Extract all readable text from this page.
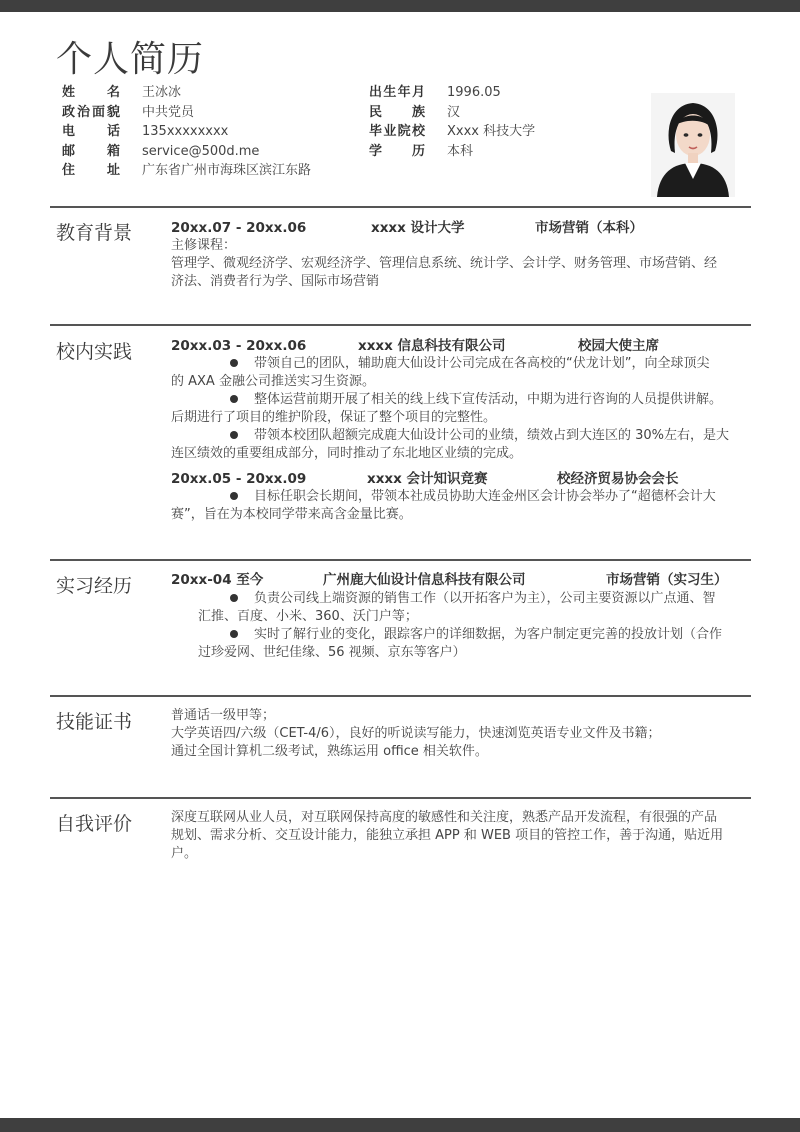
个人简历
姓名 王冰冰
政治面貌 中共党员
电话 135xxxxxxxx
邮箱 service@500d.me
住址 广东省广州市海珠区滨江东路
出生年月 1996.05
民族 汉
毕业院校 Xxxx 科技大学
学历 本科
教育背景	20xx.07 - 20xx.06	xxxx 设计大学	市场营销（本科）
主修课程：
管理学、微观经济学、宏观经济学、管理信息系统、统计学、会计学、财务管理、市场营销、经
济法、消费者行为学、国际市场营销
校内实践	20xx.03 - 20xx.06	xxxx 信息科技有限公司	校园大使主席
带领自己的团队，辅助鹿大仙设计公司完成在各高校的“伏龙计划”，向全球顶尖
的 AXA 金融公司推送实习生资源。
整体运营前期开展了相关的线上线下宣传活动，中期为进行咨询的人员提供讲解。
后期进行了项目的维护阶段，保证了整个项目的完整性。
带领本校团队超额完成鹿大仙设计公司的业绩，绩效占到大连区的 30%左右，是大
连区绩效的重要组成部分，同时推动了东北地区业绩的完成。
20xx.05 - 20xx.09	xxxx 会计知识竞赛	校经济贸易协会会长
目标任职会长期间，带领本社成员协助大连金州区会计协会举办了“超德杯会计大
赛”，旨在为本校同学带来高含金量比赛。
实习经历	20xx-04 至今	广州鹿大仙设计信息科技有限公司	市场营销（实习生）
负责公司线上端资源的销售工作（以开拓客户为主），公司主要资源以广点通、智
汇推、百度、小米、360、沃门户等；
实时了解行业的变化，跟踪客户的详细数据，为客户制定更完善的投放计划（合作
过珍爱网、世纪佳缘、56 视频、京东等客户）
技能证书	普通话一级甲等；
大学英语四/六级（CET-4/6），良好的听说读写能力，快速浏览英语专业文件及书籍；
通过全国计算机二级考试，熟练运用 office 相关软件。
自我评价	深度互联网从业人员，对互联网保持高度的敏感性和关注度，熟悉产品开发流程，有很强的产品
规划、需求分析、交互设计能力，能独立承担 APP 和 WEB 项目的管控工作，善于沟通，贴近用
户。
